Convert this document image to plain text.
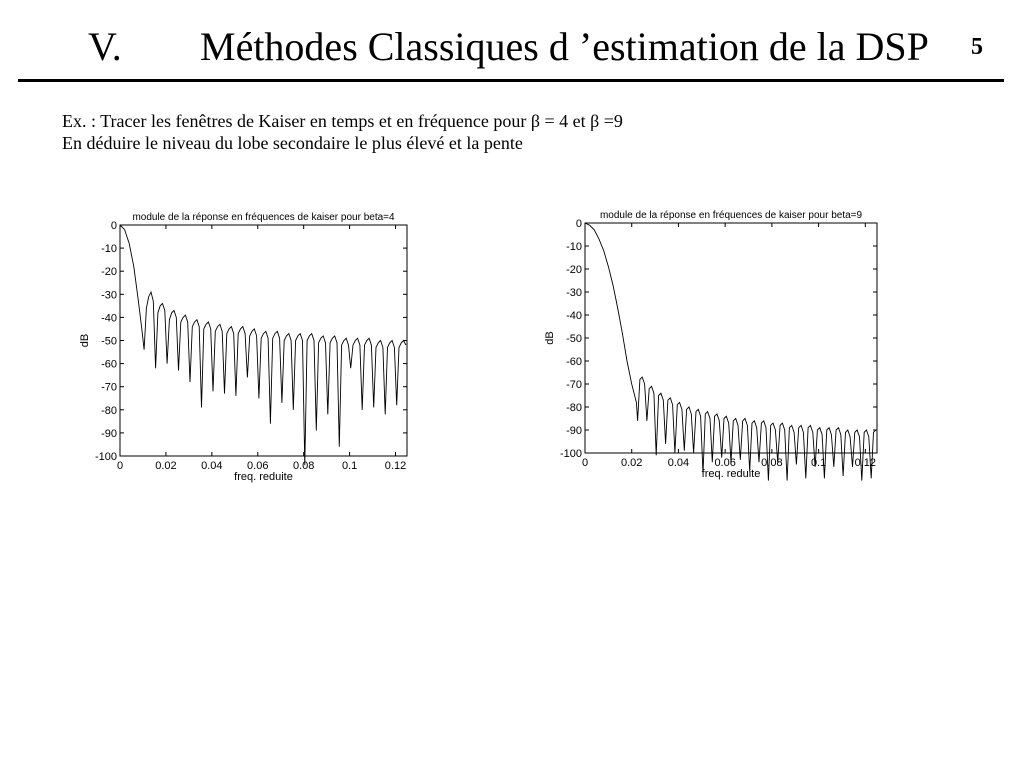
V. Méthodes Classiques d ’estimation de la DSP	5
Ex. : Tracer les fenêtres de Kaiser en temps et en fréquence pour β = 4 et β =9
En déduire le niveau du lobe secondaire le plus élevé et la pente
module de la réponse en fréquences de kaiser pour beta=4
0
-10
-20
-30
-40
-50
-60
-70
-80
-90
-100
0	0.02 0.04 0.06 0.08	0.1	0.12
freq. reduite
dB
module de la réponse en fréquences de kaiser pour beta=9
0
-10
-20
-30
-40
-50
-60
-70
-80
-90
-100
0	0.02 0.04 0.06 0.08	0.1	0.12
freq. reduite
dB
